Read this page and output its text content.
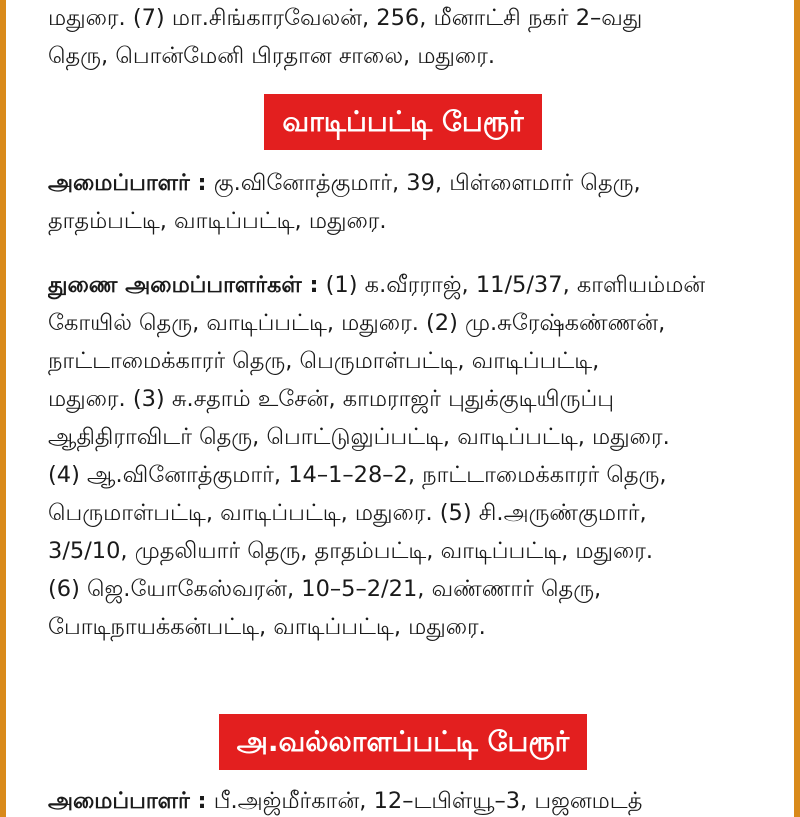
மதுரை. (7) மா.சிங்காரவேலன், 256, மீனாட்சி நகர் 2–வது
தெரு, பொன்மேனி பிரதான சாலை, மதுரை.

வாடிப்பட்டி பேரூர்

அமைப்பாளர் : கு.வினோத்குமார், 39, பிள்ளைமார் தெரு,
தாதம்பட்டி, வாடிப்பட்டி, மதுரை.

துணை அமைப்பாளர்கள் : (1) க.வீரராஜ், 11/5/37, காளியம்மன்
கோயில் தெரு, வாடிப்பட்டி, மதுரை. (2) மு.சுரேஷ்கண்ணன்,
நாட்டாமைக்காரர் தெரு, பெருமாள்பட்டி, வாடிப்பட்டி,
மதுரை. (3) சு.சதாம் உசேன், காமராஜர் புதுக்குடியிருப்பு
ஆதிதிராவிடர் தெரு, பொட்டுலுப்பட்டி, வாடிப்பட்டி, மதுரை.
(4) ஆ.வினோத்குமார், 14–1–28–2, நாட்டாமைக்காரர் தெரு,
பெருமாள்பட்டி, வாடிப்பட்டி, மதுரை. (5) சி.அருண்குமார்,
3/5/10, முதலியார் தெரு, தாதம்பட்டி, வாடிப்பட்டி, மதுரை.
(6) ஜெ.யோகேஸ்வரன், 10–5–2/21, வண்ணார் தெரு,
போடிநாயக்கன்பட்டி, வாடிப்பட்டி, மதுரை.

அ.வல்லாளப்பட்டி பேரூர்

அமைப்பாளர் : பீ.அஜ்மீர்கான், 12–டபிள்யூ–3, பஜனமடத்
